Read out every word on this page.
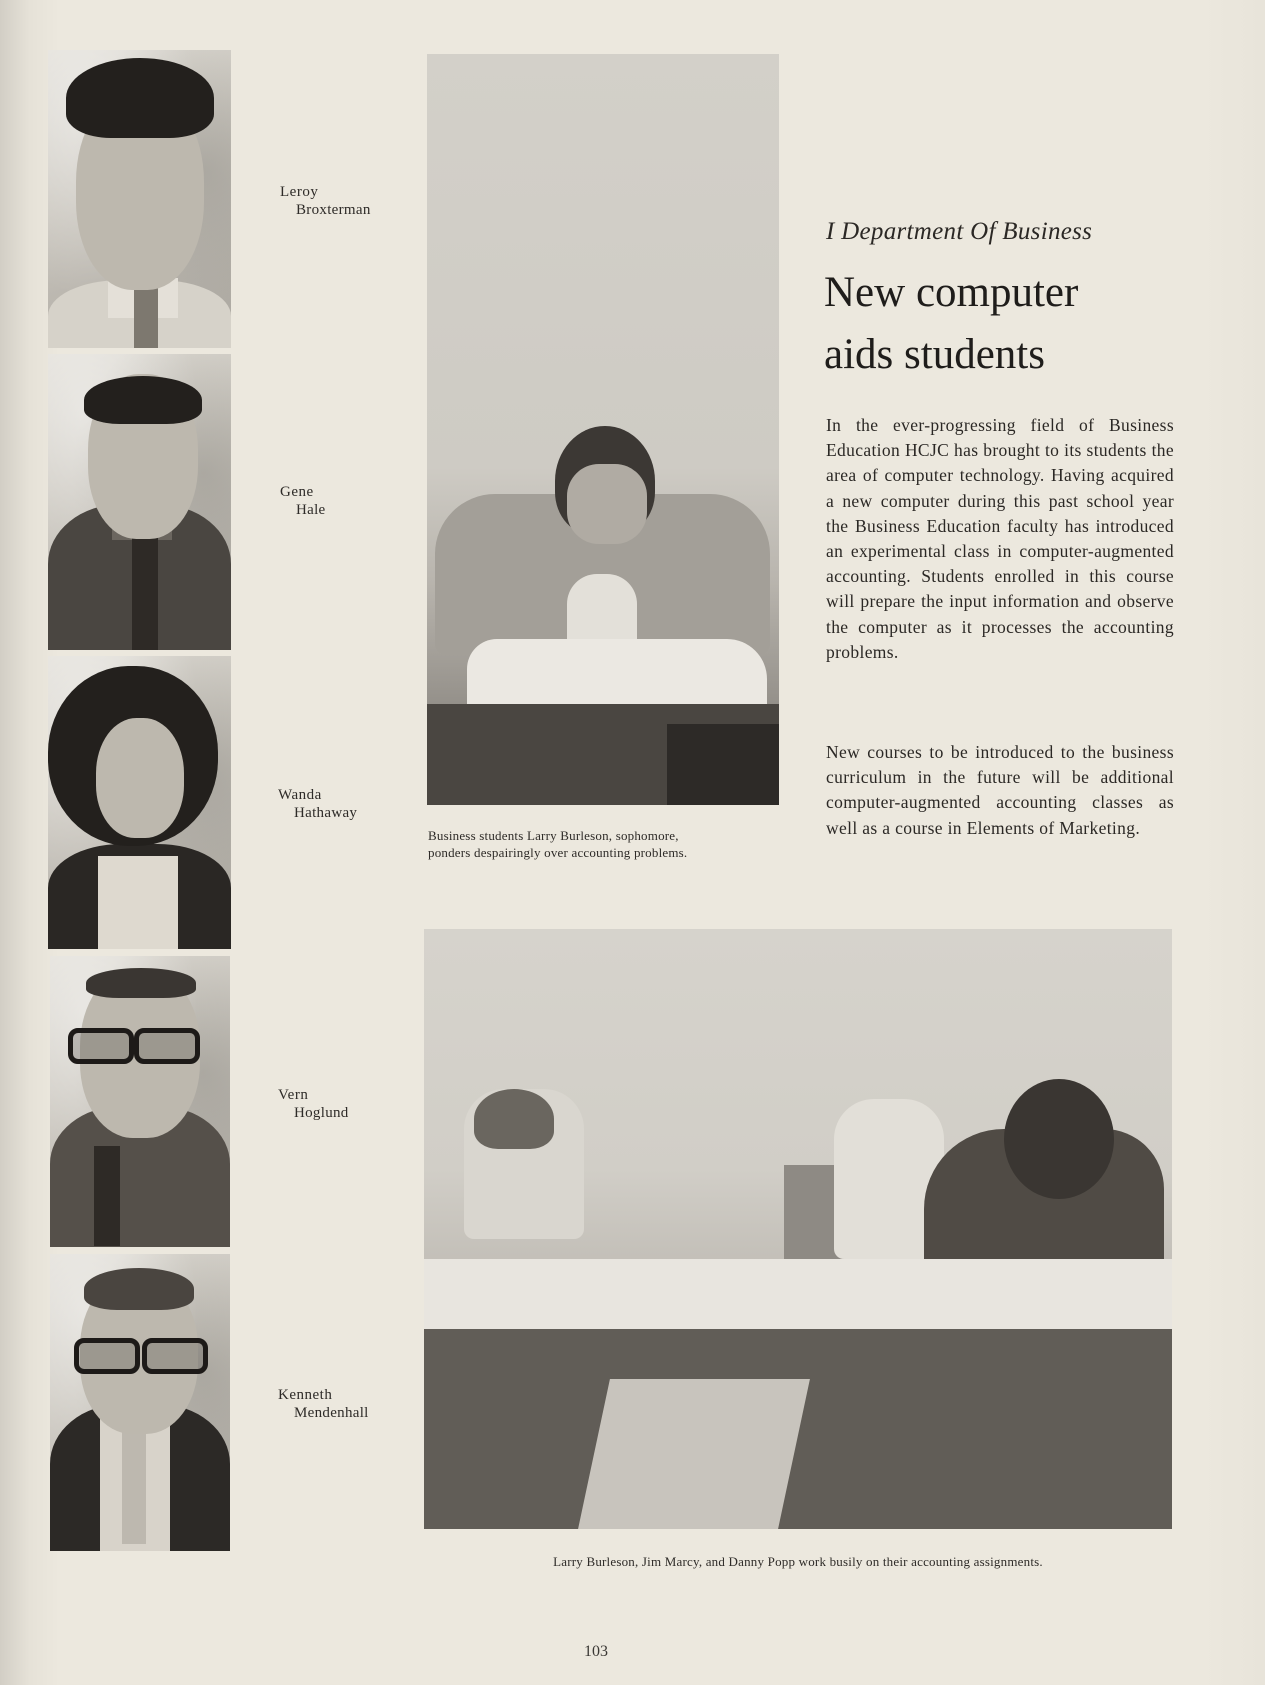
Leroy
Broxterman
Gene
Hale
Wanda
Hathaway
Vern
Hoglund
Kenneth
Mendenhall
Business students Larry Burleson, sophomore,
ponders despairingly over accounting problems.
I Department Of Business
New computer
aids students
In the ever-progressing field of Business Education HCJC has brought to its students the area of computer technology. Having acquired a new computer during this past school year the Business Education faculty has introduced an experimental class in computer-augmented accounting. Students enrolled in this course will prepare the input information and observe the computer as it processes the accounting problems.
New courses to be introduced to the business curriculum in the future will be additional computer-augmented accounting classes as well as a course in Elements of Marketing.
Larry Burleson, Jim Marcy, and Danny Popp work busily on their accounting assignments.
103
